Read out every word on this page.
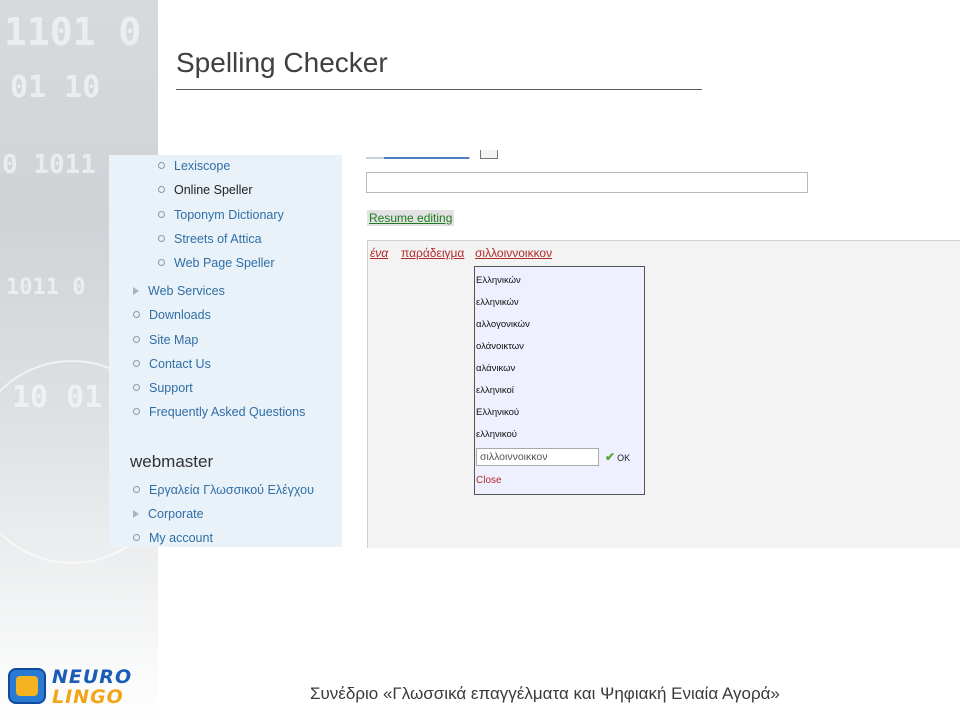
1101 0
01 10
0 1011
1011 0
10 01
Spelling Checker
Lexiscope
Online Speller
Toponym Dictionary
Streets of Attica
Web Page Speller
Web Services
Downloads
Site Map
Contact Us
Support
Frequently Asked Questions
webmaster
Εργαλεία Γλωσσικού Ελέγχου
Corporate
My account
Resume editing
ένα παράδειγμα σιλλοιννοικκον
Ελληνικών
ελληνικών
αλλογονικών
ολάνοικτων
αλάνικων
ελληνικοί
Ελληνικού
ελληνικού
σιλλοιννοικκον
✔ OK
Close
NEURO
LINGO	Συνέδριο «Γλωσσικά επαγγέλματα και Ψηφιακή Ενιαία Αγορά»
